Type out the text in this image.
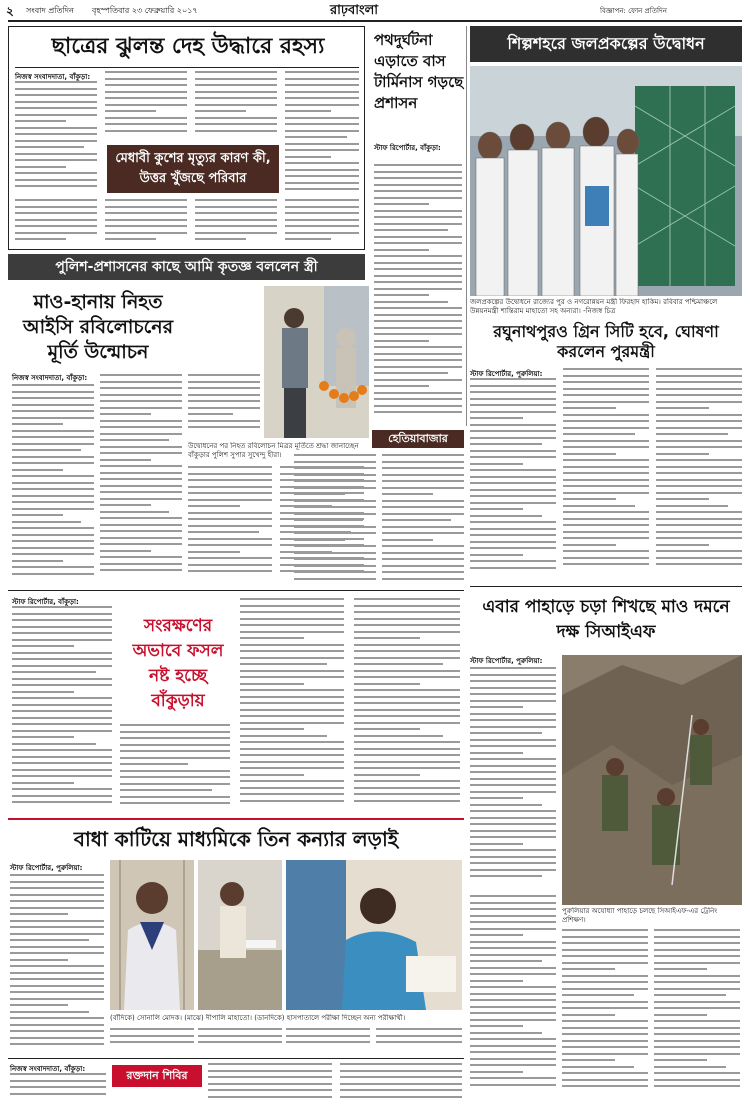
২ সংবাদ প্রতিদিন বৃহস্পতিবার ২৩ ফেব্রুয়ারি ২০১৭	রাঢ়বাংলা	বিজ্ঞাপন: ফোন প্রতিদিন
ছাত্রের ঝুলন্ত দেহ উদ্ধারে রহস্য
নিজস্ব সংবাদদাতা, বাঁকুড়া:
মেধাবী কুশের মৃত্যুর কারণ কী, উত্তর খুঁজছে পরিবার
পথদুর্ঘটনা এড়াতে বাস টার্মিনাস গড়ছে প্রশাসন
স্টাফ রিপোর্টার, বাঁকুড়া:
শিল্পশহরে জলপ্রকল্পের উদ্বোধন
জলপ্রকল্পের উদ্বোধনে রাজ্যের পুর ও নগরোন্নয়ন মন্ত্রী ফিরহাদ হাকিম। রবিবার পশ্চিমাঞ্চলে উন্নয়নমন্ত্রী শান্তিরাম মাহাতো সহ অন্যরা। -নিজস্ব চিত্র
পুলিশ-প্রশাসনের কাছে আমি কৃতজ্ঞ বললেন স্ত্রী
মাও-হানায় নিহত আইসি রবিলোচনের মূর্তি উন্মোচন
নিজস্ব সংবাদদাতা, বাঁকুড়া:
উদ্বোধনের পর নিহত রবিলোচন মিত্রর মূর্তিতে শ্রদ্ধা জানাচ্ছেন বাঁকুড়ার পুলিশ সুপার সুখেন্দু হীরা।
রঘুনাথপুরও গ্রিন সিটি হবে, ঘোষণা করলেন পুরমন্ত্রী
স্টাফ রিপোর্টার, পুরুলিয়া:
হেতিয়াবাজার
স্টাফ রিপোর্টার, বাঁকুড়া:
সংরক্ষণের অভাবে ফসল নষ্ট হচ্ছে বাঁকুড়ায়
এবার পাহাড়ে চড়া শিখছে মাও দমনে দক্ষ সিআইএফ
স্টাফ রিপোর্টার, পুরুলিয়া:
পুরুলিয়ার অযোধ্যা পাহাড়ে চলছে সিআইএফ-এর ট্রেনিং প্রশিক্ষণ।
বাধা কাটিয়ে মাধ্যমিকে তিন কন্যার লড়াই
স্টাফ রিপোর্টার, পুরুলিয়া:
(বাঁদিকে) সোনালি মোদক। (মাঝে) দীপালি মাহাতো। (ডানদিকে) হাসপাতালে পরীক্ষা দিচ্ছেন অন্য পরীক্ষার্থী।
নিজস্ব সংবাদদাতা, বাঁকুড়া:	রক্তদান শিবির
